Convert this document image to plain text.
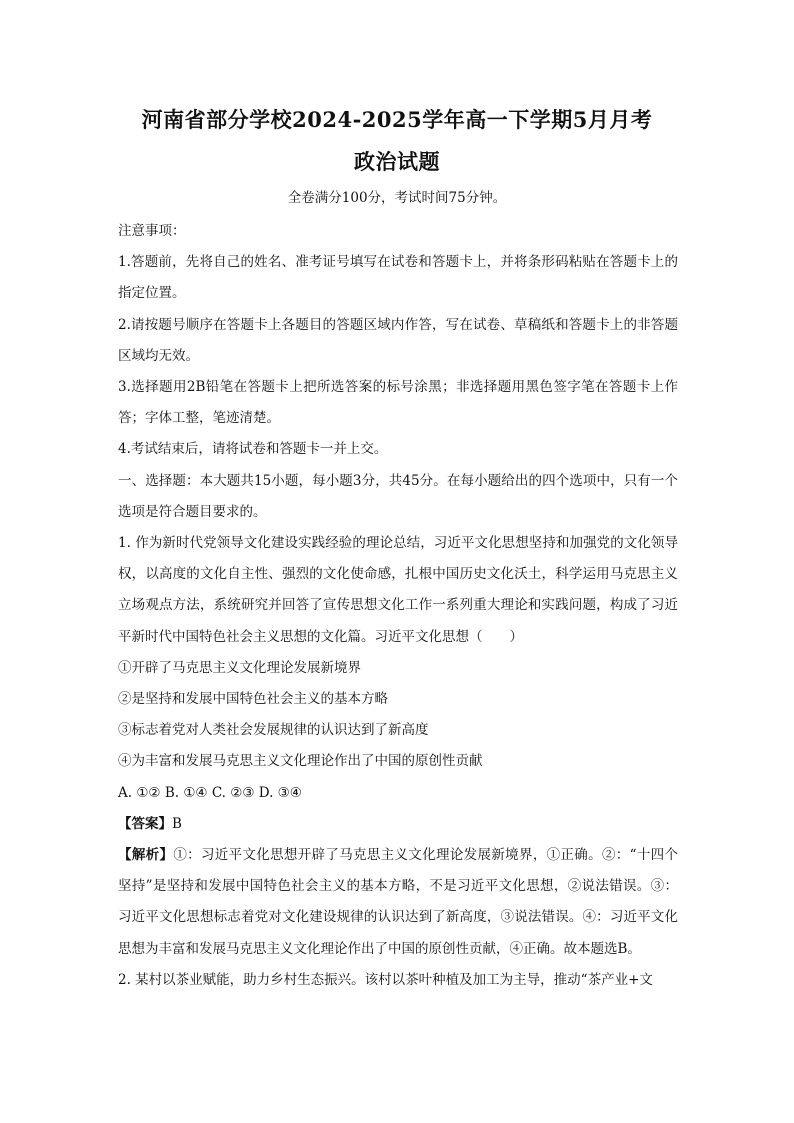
河南省部分学校2024-2025学年高一下学期5月月考
政治试题
全卷满分100分，考试时间75分钟。

注意事项：

1.答题前，先将自己的姓名、准考证号填写在试卷和答题卡上，并将条形码粘贴在答题卡上的指定位置。

2.请按题号顺序在答题卡上各题目的答题区域内作答，写在试卷、草稿纸和答题卡上的非答题区域均无效。

3.选择题用2B铅笔在答题卡上把所选答案的标号涂黑；非选择题用黑色签字笔在答题卡上作答；字体工整，笔迹清楚。

4.考试结束后，请将试卷和答题卡一并上交。

一、选择题：本大题共15小题，每小题3分，共45分。在每小题给出的四个选项中，只有一个选项是符合题目要求的。

1. 作为新时代党领导文化建设实践经验的理论总结，习近平文化思想坚持和加强党的文化领导权，以高度的文化自主性、强烈的文化使命感，扎根中国历史文化沃土，科学运用马克思主义立场观点方法，系统研究并回答了宣传思想文化工作一系列重大理论和实践问题，构成了习近平新时代中国特色社会主义思想的文化篇。习近平文化思想（　　）

①开辟了马克思主义文化理论发展新境界

②是坚持和发展中国特色社会主义的基本方略

③标志着党对人类社会发展规律的认识达到了新高度

④为丰富和发展马克思主义文化理论作出了中国的原创性贡献

A. ①② B. ①④ C. ②③ D. ③④

【答案】B

【解析】①：习近平文化思想开辟了马克思主义文化理论发展新境界，①正确。②：“十四个坚持”是坚持和发展中国特色社会主义的基本方略，不是习近平文化思想，②说法错误。③：习近平文化思想标志着党对文化建设规律的认识达到了新高度，③说法错误。④：习近平文化思想为丰富和发展马克思主义文化理论作出了中国的原创性贡献，④正确。故本题选B。

2. 某村以茶业赋能，助力乡村生态振兴。该村以茶叶种植及加工为主导，推动“茶产业+文
